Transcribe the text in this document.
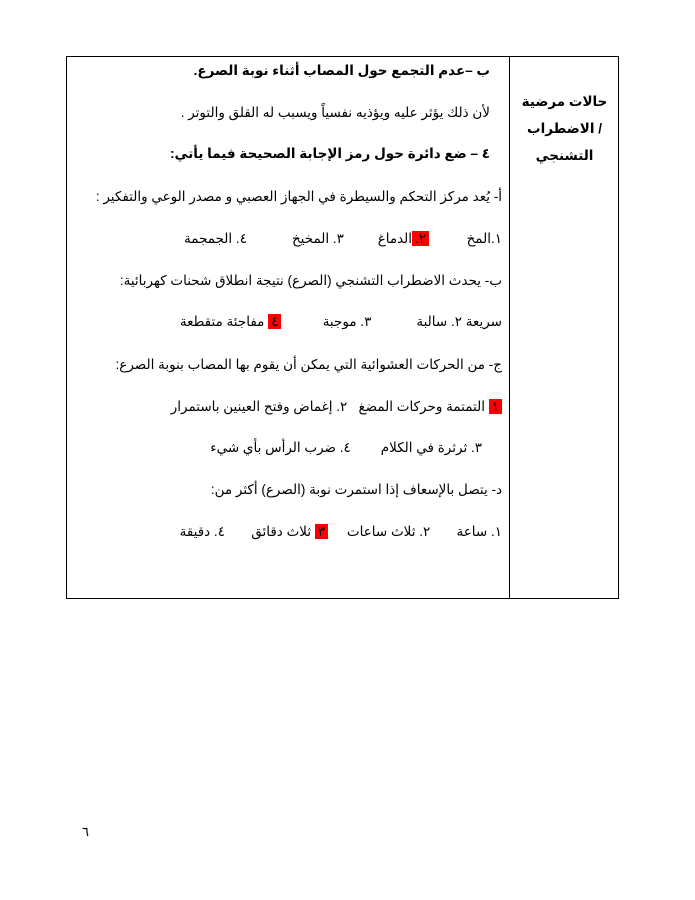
حالات مرضية
/ الاضطراب
التشنجي
ب –عدم التجمع حول المصاب أثناء نوبة الصرع.
لأن ذلك يؤثر عليه ويؤذيه نفسياً ويسبب له القلق والتوتر .
٤ – ضع دائرة حول رمز الإجابة الصحيحة فيما يأتي:
أ- يُعد مركز التحكم والسيطرة في الجهاز العصبي و مصدر الوعي والتفكير :
١.المخ          ٢.الدماغ         ٣. المخيخ            ٤. الجمجمة
ب- يحدث الاضطراب التشنجي (الصرع) نتيجة انطلاق شحنات كهربائية:
سريعة ٢. سالبة            ٣. موجبة           ٤ مفاجئة متقطعة
ج- من الحركات العشوائية التي يمكن أن يقوم بها المصاب بنوبة الصرع:
١ التمتمة وحركات المضغ   ٢. إغماض وفتح العينين باستمرار
٣. ثرثرة في الكلام        ٤. ضرب الرأس بأي شيء
د- يتصل بالإسعاف إذا استمرت نوبة (الصرع) أكثر من:
١. ساعة       ٢. ثلاث ساعات     ٣ ثلاث دقائق       ٤. دقيقة
٦
